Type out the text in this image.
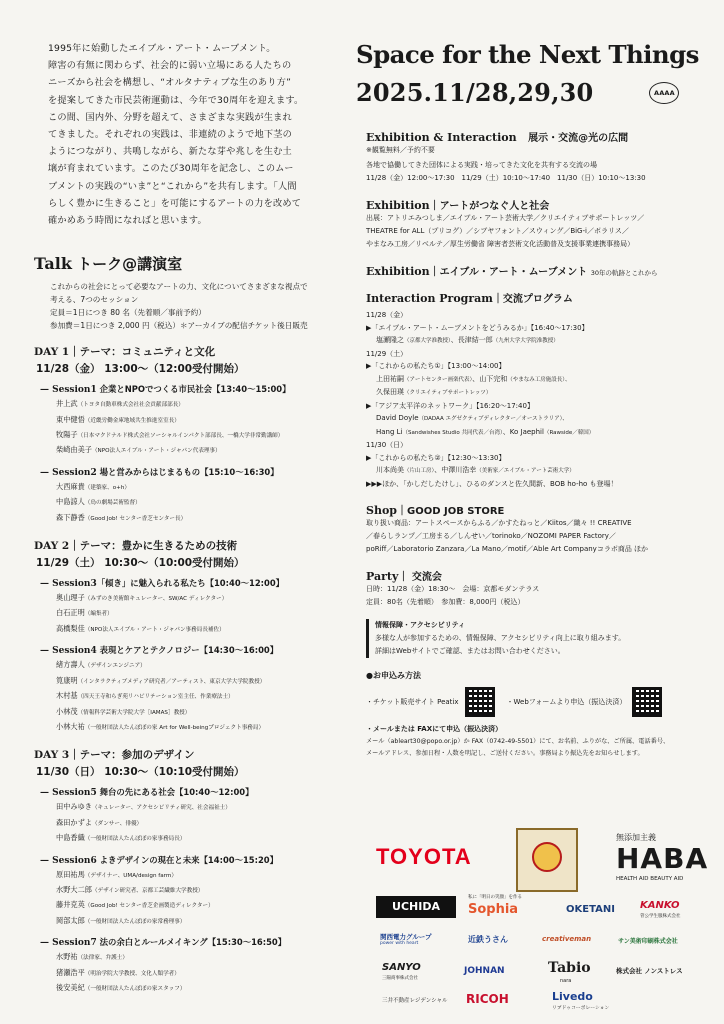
1995年に始動したエイブル・アート・ムーブメント。

障害の有無に関わらず、社会的に弱い立場にある人たちの

ニーズから社会を構想し、“オルタナティブな生のあり方”

を提案してきた市民芸術運動は、今年で30周年を迎えます。

この間、国内外、分野を超えて、さまざまな実践が生まれ

てきました。それぞれの実践は、非連続のようで地下茎の

ようにつながり、共鳴しながら、新たな芽や兆しを生む土

壌が育まれています。このたび30周年を記念し、このムー

ブメントの実践の“いま”と“これから”を共有します。「人間

らしく豊かに生きること」を可能にするアートの力を改めて

確かめあう時間になればと思います。

Talk トーク@講演室
これからの社会にとって必要なアートの力、文化についてさまざまな視点で
考える、7つのセッション
定員＝1日につき 80 名（先着順／事前予約）
参加費＝1日につき 2,000 円（税込）＊アーカイブの配信チケット後日販売
DAY 1｜テーマ：コミュニティと文化
11/28（金） 13:00〜（12:00受付開始）
— Session1 企業とNPOでつくる市民社会【13:40〜15:00】
井上武（トヨタ自動車株式会社社会貢献部部長）
東中健悟（近畿労働金庫地域共生推進室室長）
牧陽子（日本マクドナルド株式会社ソーシャルインパクト部部長、一橋大学非常勤講師）
柴崎由美子（NPO法人エイブル・アート・ジャパン代表理事）
— Session2 場と営みからはじまるもの【15:10〜16:30】
大西麻貴（建築家、o+h）
中島諒人（鳥の劇場芸術監督）
森下静香（Good Job! センター香芝センター長）
DAY 2｜テーマ：豊かに生きるための技術
11/29（土） 10:30〜（10:00受付開始）
— Session3「傾き」に魅入られる私たち【10:40〜12:00】
奥山理子（みずのき美術館キュレーター、SW/AC ディレクター）
白石正明（編集者）
高橋梨佳（NPO法人エイブル・アート・ジャパン事務局長補佐）
— Session4 表現とケアとテクノロジー【14:30〜16:00】
緒方壽人（デザインエンジニア）
筧康明（インタラクティブメディア研究者／アーティスト、東京大学大学院教授）
木村基（四天王寺和らぎ苑リハビリテーション室主任、作業療法士）
小林茂（情報科学芸術大学院大学［IAMAS］教授）
小林大祐（一般財団法人たんぽぽの家 Art for Well-beingプロジェクト事務局）
DAY 3｜テーマ：参加のデザイン
11/30（日） 10:30〜（10:10受付開始）
— Session5 舞台の先にある社会【10:40〜12:00】
田中みゆき（キュレーター、アクセシビリティ研究、社会福祉士）
森田かずよ（ダンサー、俳優）
中島香織（一般財団法人たんぽぽの家事務局長）
— Session6 よきデザインの現在と未来【14:00〜15:20】
原田祐馬（デザイナー、UMA/design farm）
水野大二郎（デザイン研究者、京都工芸繊維大学教授）
藤井克英（Good Job! センター香芝企画製造ディレクター）
岡部太郎（一般財団法人たんぽぽの家常務理事）
— Session7 法の余白とルールメイキング【15:30〜16:50】
水野祐（法律家、弁護士）
猪瀬浩平（明治学院大学教授、文化人類学者）
後安美紀（一般財団法人たんぽぽの家スタッフ）
Space for the Next Things
2025.11/28,29,30	AAAA
Exhibition & Interaction 展示・交流@光の広間
※観覧無料／予約不要
各地で協働してきた団体による実践・培ってきた文化を共有する交流の場
11/28（金）12:00〜17:30　11/29（土）10:10〜17:40　11/30（日）10:10〜13:30
Exhibition｜アートがつなぐ人と社会
出展：アトリエみつしま／エイブル・アート芸術大学／クリエイティブサポートレッツ／
THEATRE for ALL（プリコグ）／シブヤフォント／スウィング／BiG-i／ボラリス／
やまなみ工房／リベルテ／厚生労働省 障害者芸術文化活動普及支援事業連携事務局）
Exhibition｜エイブル・アート・ムーブメント 30年の軌跡とこれから
Interaction Program｜交流プログラム
11/28（金）
▶「エイブル・アート・ムーブメントをどうみるか」【16:40〜17:30】
塩瀬隆之（京都大学准教授）、長津結一郎（九州大学大学院准教授）
11/29（土）
▶「これからの私たち①」【13:00〜14:00】
上田祐嗣（アートセンター画楽代表）、山下完和（やまなみ工房施設長）、
久保田瑛（クリエイティブサポートレッツ）
▶「アジア太平洋のネットワーク」【16:20〜17:40】
David Doyle（DADAA エグゼクティブディレクター／オーストラリア）、
Hang Li（Sandwishes Studio 共同代表／台湾）、Ko Jaephil（Rawside／韓国）
11/30（日）
▶「これからの私たち②」【12:30〜13:30】
川本尚美（片山工房）、中澤川浩幸（美術家／エイブル・アート芸術大学）
▶▶▶ほか、「かしだしたけし」、ひるのダンスと佐久間新、BOB ho-ho も登場！
Shop｜GOOD JOB STORE
取り扱い商品：アートスペースからふる／かすたねっと／Kiitos／織々 !! CREATIVE
／春らしランプ／工房まる／しんせい／torinoko／NOZOMI PAPER Factory／
poRiff／Laboratorio Zanzara／La Mano／motif／Able Art Companyコラボ商品 ほか
Party｜ 交流会
日時：11/28（金）18:30〜　会場：京都モダンテラス
定員：80名（先着順）　参加費：8,000円（税込）
情報保障・アクセシビリティ
多様な人が参加するための、情報保障、アクセシビリティ向上に取り組みます。
詳細はWebサイトでご確認、またはお問い合わせください。
●お申込み方法
・チケット販売サイト Peatix	・Webフォームより申込（振込決済）
・メールまたは FAXにて申込（振込決済）
メール（ableart30@popo.or.jp）か FAX（0742-49-5501）にて、お名前、ふりがな、ご所属、電話番号、
メールアドレス、参加日程・人数を明記し、ご送付ください。事務局より振込先をお知らせします。
TOYOTA
無添加主義
HABA
HEALTH AID BEAUTY AID
UCHIDA
私に「明日の笑顔」を作る
Sophia	OKETANI	KANKO
菅公学生服株式会社
関西電力グループ
power with heart	近鉄うさん	creativeman	サン美術印刷株式会社
SANYO
三陽商事株式会社
JOHNAN	Tabio
nara
株式会社 ノンストレス
三井不動産レジデンシャル RICOH	Livedo
リブドゥコーポレーション
